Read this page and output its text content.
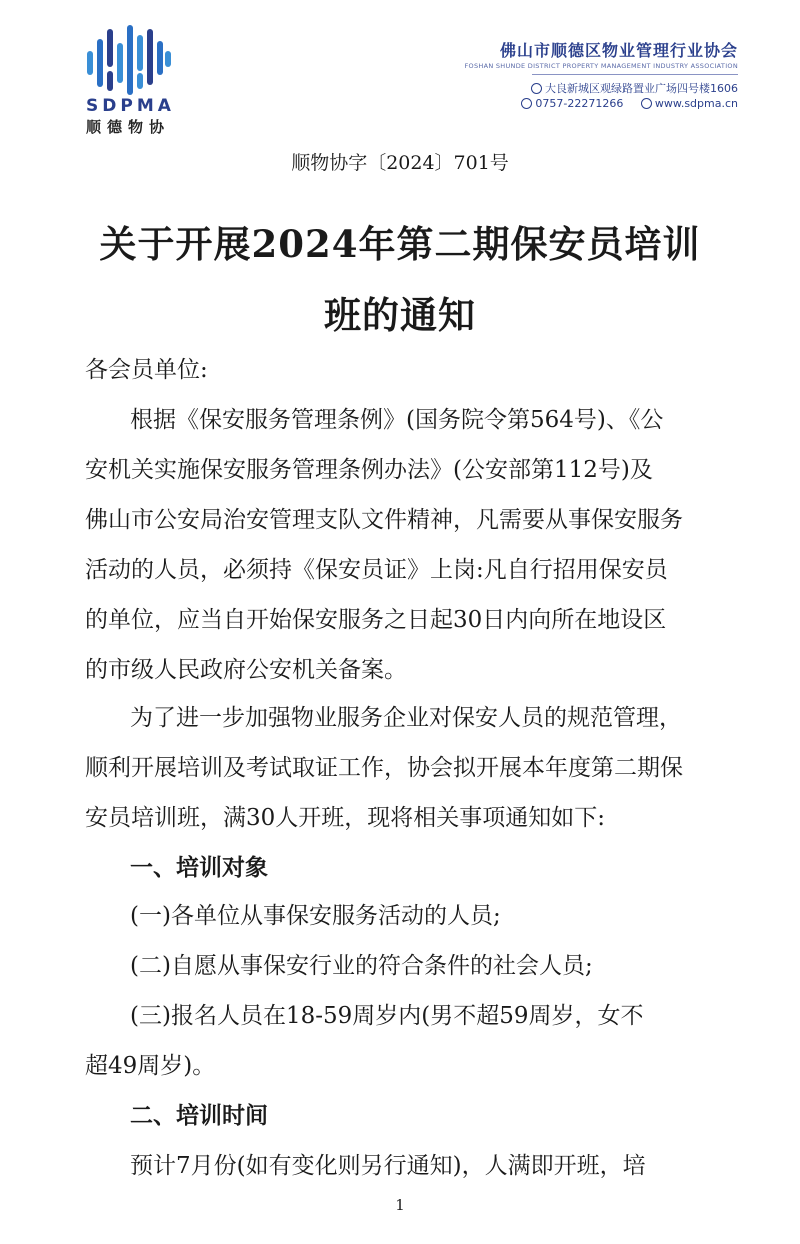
SDPMA
顺德物协
佛山市顺德区物业管理行业协会
FOSHAN SHUNDE DISTRICT PROPERTY MANAGEMENT INDUSTRY ASSOCIATION
大良新城区观绿路置业广场四号楼1606
0757-22271266	www.sdpma.cn
顺物协字〔2024〕701号
关于开展2024年第二期保安员培训
班的通知
各会员单位:
根据《保安服务管理条例》(国务院令第564号)、《公
安机关实施保安服务管理条例办法》(公安部第112号)及
佛山市公安局治安管理支队文件精神，凡需要从事保安服务
活动的人员，必须持《保安员证》上岗:凡自行招用保安员
的单位，应当自开始保安服务之日起30日内向所在地设区
的市级人民政府公安机关备案。
为了进一步加强物业服务企业对保安人员的规范管理，
顺利开展培训及考试取证工作，协会拟开展本年度第二期保
安员培训班，满30人开班，现将相关事项通知如下:
一、培训对象
(一)各单位从事保安服务活动的人员;
(二)自愿从事保安行业的符合条件的社会人员;
(三)报名人员在18-59周岁内(男不超59周岁，女不
超49周岁)。
二、培训时间
预计7月份(如有变化则另行通知)，人满即开班，培
1
